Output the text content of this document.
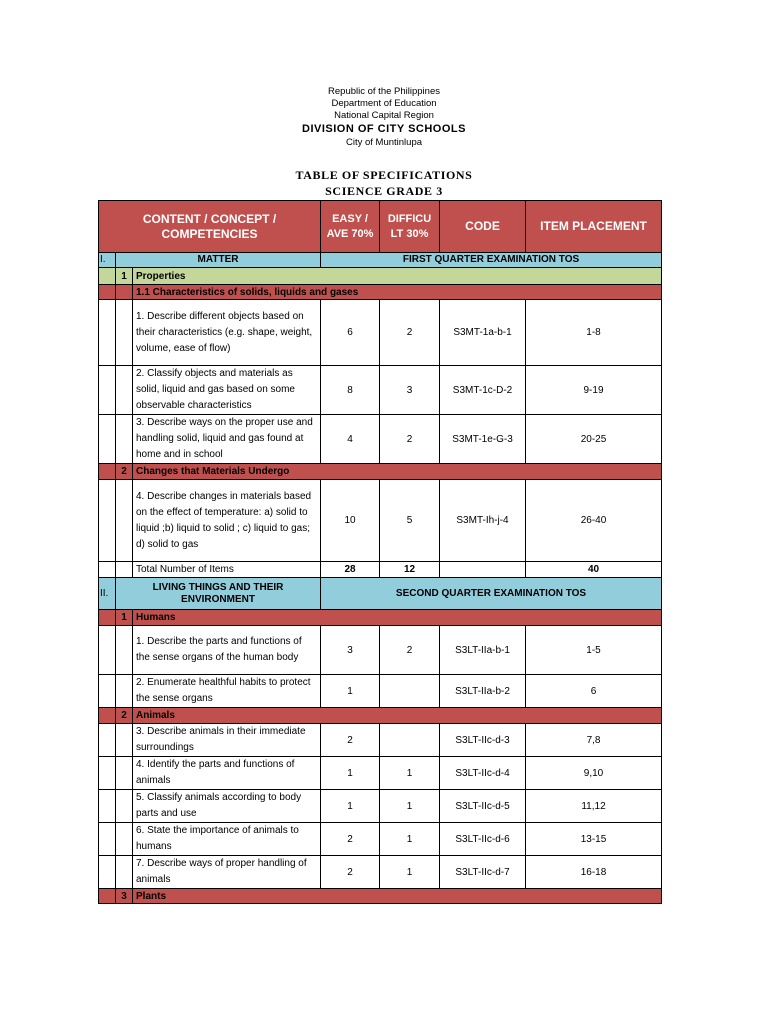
Republic of the Philippines
Department of Education
National Capital Region
DIVISION OF CITY SCHOOLS
City of Muntinlupa
TABLE OF SPECIFICATIONS
SCIENCE GRADE 3
CONTENT / CONCEPT / COMPETENCIES			EASY / AVE 70%	DIFFICU LT 30%	CODE	ITEM PLACEMENT
I.	MATTER		FIRST QUARTER EXAMINATION TOS			
	1	Properties				
		1.1 Characteristics of solids, liquids and gases				
		1. Describe different objects based on their characteristics (e.g. shape, weight, volume, ease of flow)	6	2	S3MT-1a-b-1	1-8
		2. Classify objects and materials as solid, liquid and gas based on some observable characteristics	8	3	S3MT-1c-D-2	9-19
		3. Describe ways on the proper use and handling solid, liquid and gas found at home and in school	4	2	S3MT-1e-G-3	20-25
	2	Changes that Materials Undergo				
		4. Describe changes in materials based on the effect of temperature: a) solid to liquid ;b) liquid to solid ; c) liquid to gas; d) solid to gas	10	5	S3MT-Ih-j-4	26-40
		Total Number of Items	28	12		40
II.	LIVING THINGS AND THEIR ENVIRONMENT		SECOND QUARTER EXAMINATION TOS			
	1	Humans				
		1. Describe the parts and functions of the sense organs of the human body	3	2	S3LT-IIa-b-1	1-5
		2. Enumerate healthful habits to protect the sense organs	1		S3LT-IIa-b-2	6
	2	Animals				
		3. Describe animals in their immediate surroundings	2		S3LT-IIc-d-3	7,8
		4. Identify the parts and functions of animals	1	1	S3LT-IIc-d-4	9,10
		5. Classify animals according to body parts and use	1	1	S3LT-IIc-d-5	11,12
		6. State the importance of animals to humans	2	1	S3LT-IIc-d-6	13-15
		7. Describe ways of proper handling of animals	2	1	S3LT-IIc-d-7	16-18
	3	Plants				
